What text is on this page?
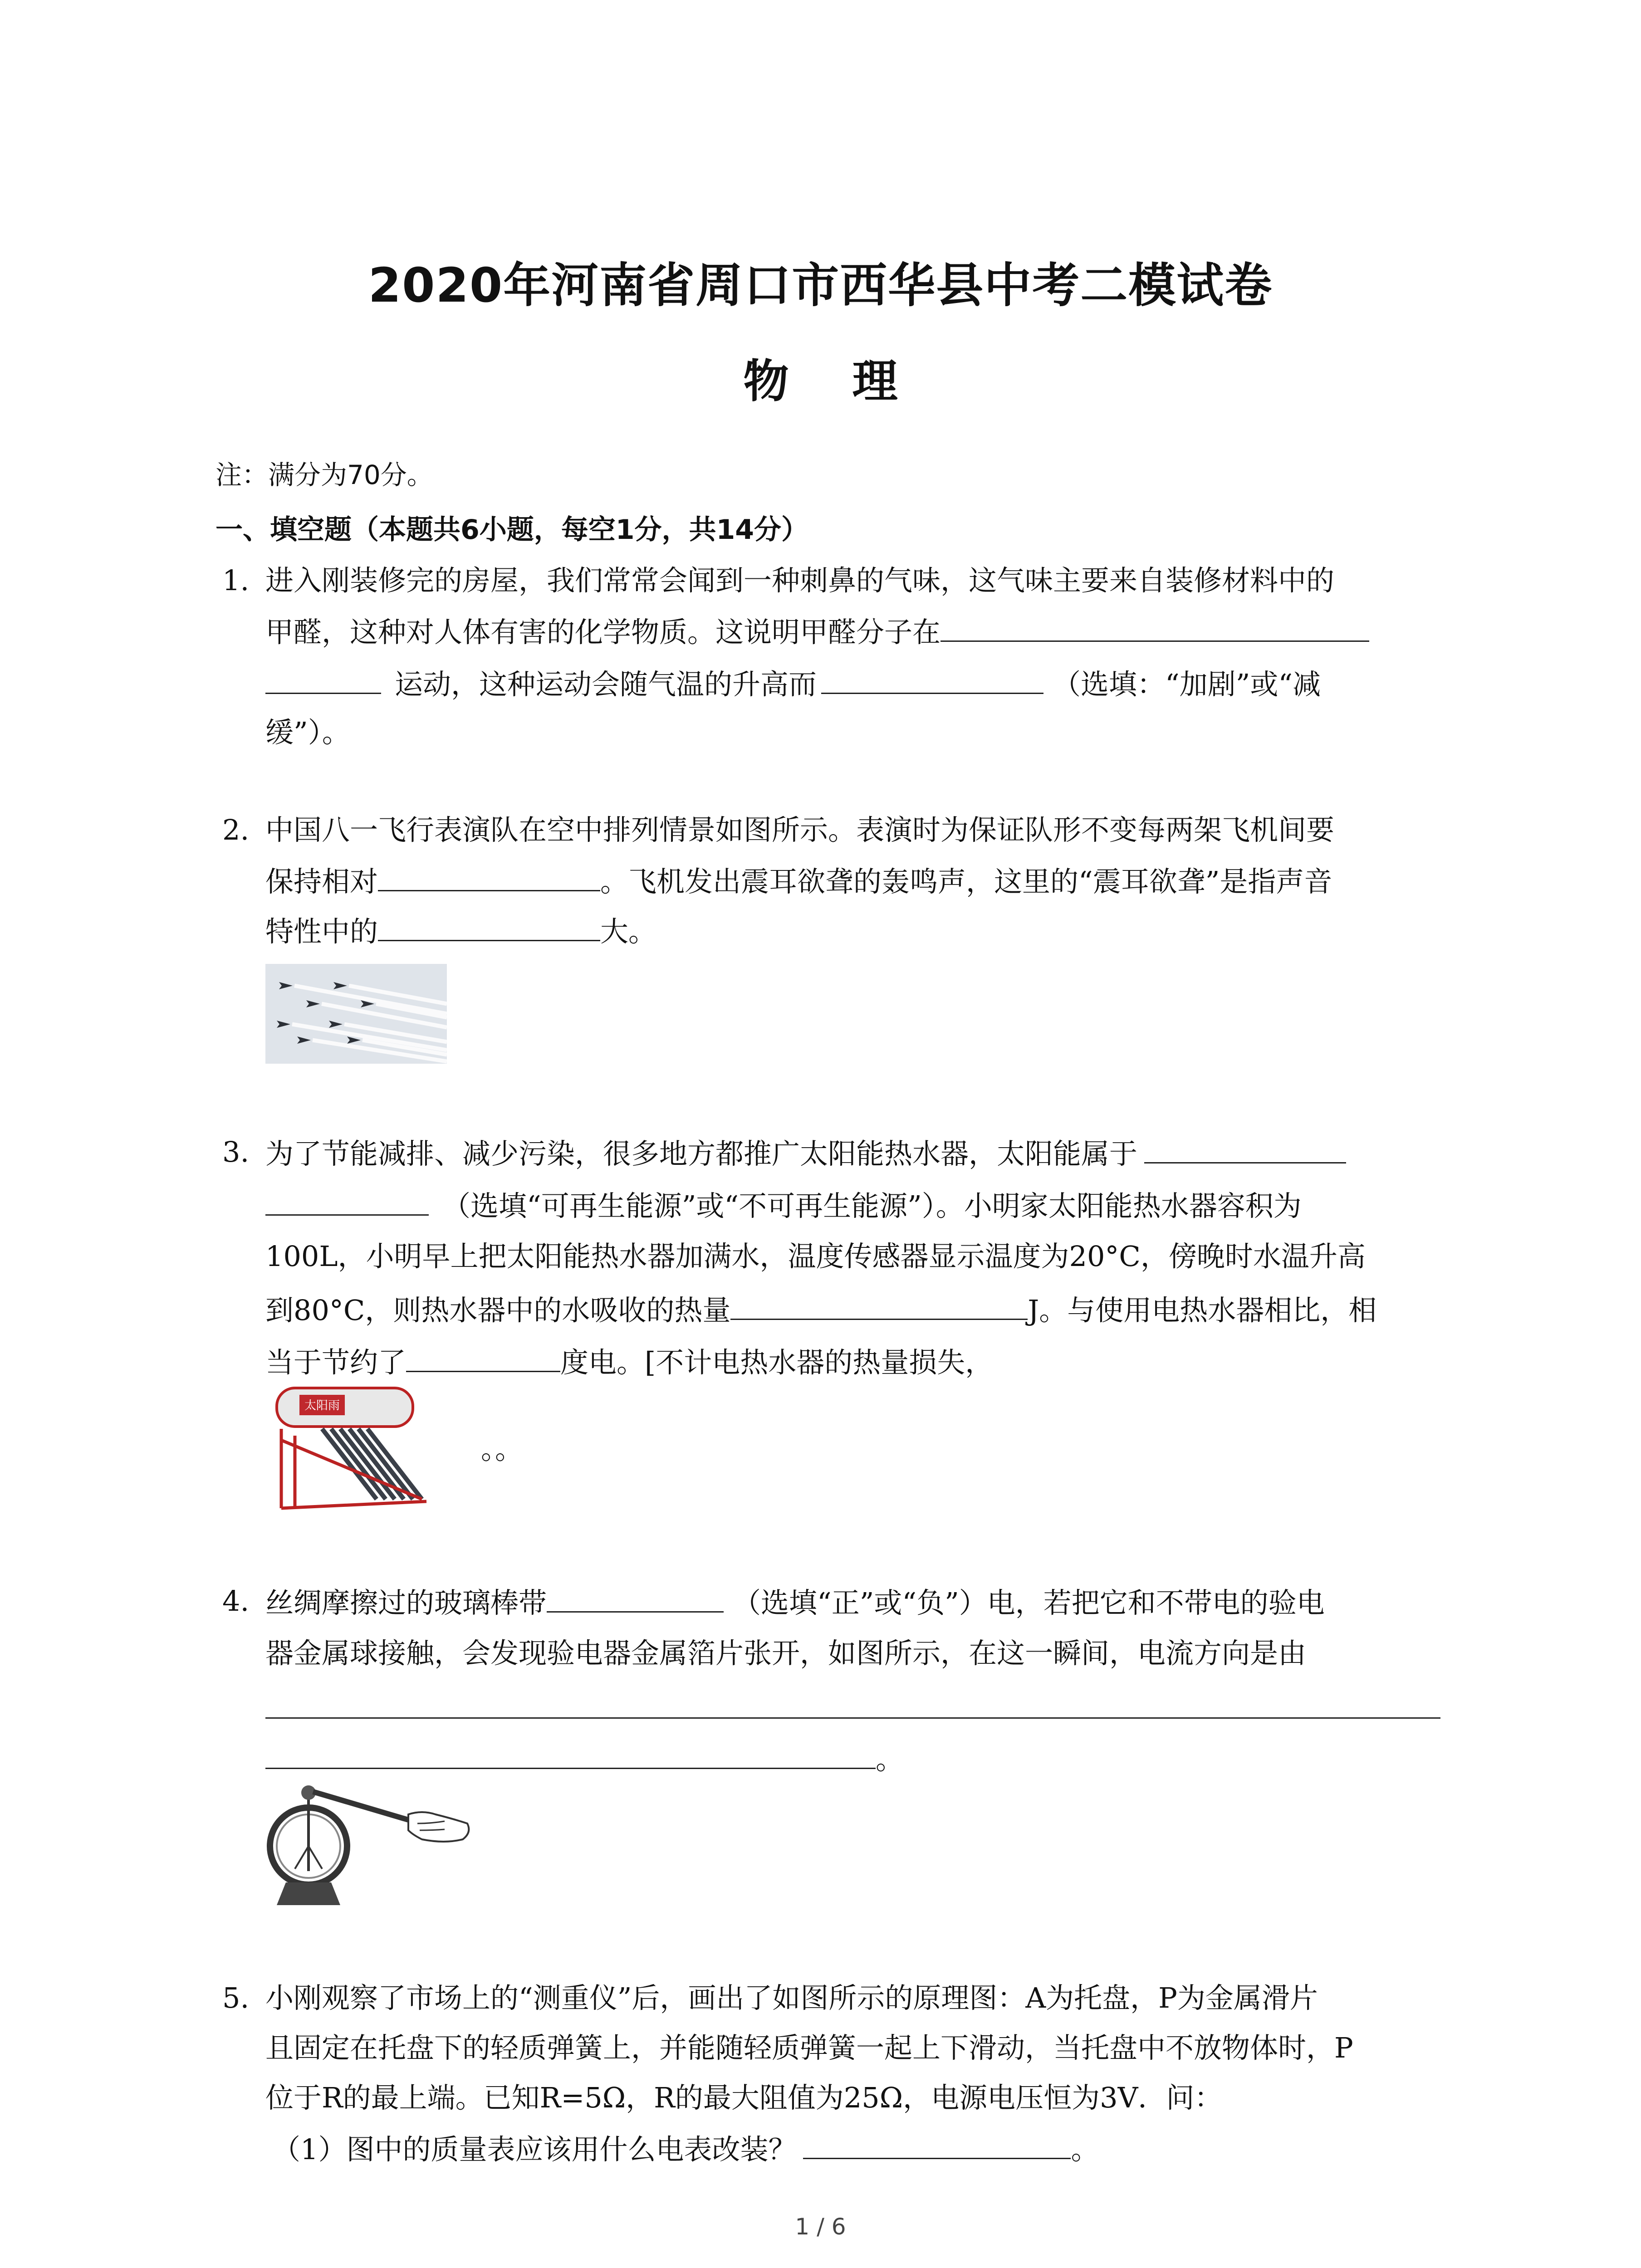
2020年河南省周口市西华县中考二模试卷
物理
注：满分为70分。
一、填空题（本题共6小题，每空1分，共14分）
1. 进入刚装修完的房屋，我们常常会闻到一种刺鼻的气味，这气味主要来自装修材料中的
甲醛，这种对人体有害的化学物质。这说明甲醛分子在
运动，这种运动会随气温的升高而	（选填：“加剧”或“减
缓”）。
2. 中国八一飞行表演队在空中排列情景如图所示。表演时为保证队形不变每两架飞机间要
保持相对	。飞机发出震耳欲聋的轰鸣声，这里的“震耳欲聋”是指声音
特性中的	大。
3. 为了节能减排、减少污染，很多地方都推广太阳能热水器，太阳能属于
（选填“可再生能源”或“不可再生能源”）。小明家太阳能热水器容积为
100L，小明早上把太阳能热水器加满水，温度传感器显示温度为20°C，傍晚时水温升高
到80°C，则热水器中的水吸收的热量	J。与使用电热水器相比，相
当于节约了	度电。[不计电热水器的热量损失，
太阳雨
。。
4. 丝绸摩擦过的玻璃棒带	（选填“正”或“负”）电，若把它和不带电的验电
器金属球接触，会发现验电器金属箔片张开，如图所示，在这一瞬间，电流方向是由
。
5. 小刚观察了市场上的“测重仪”后，画出了如图所示的原理图：A为托盘，P为金属滑片
且固定在托盘下的轻质弹簧上，并能随轻质弹簧一起上下滑动，当托盘中不放物体时，P
位于R的最上端。已知R=5Ω，R的最大阻值为25Ω，电源电压恒为3V．问：
（1）图中的质量表应该用什么电表改装？	。
1 / 6
